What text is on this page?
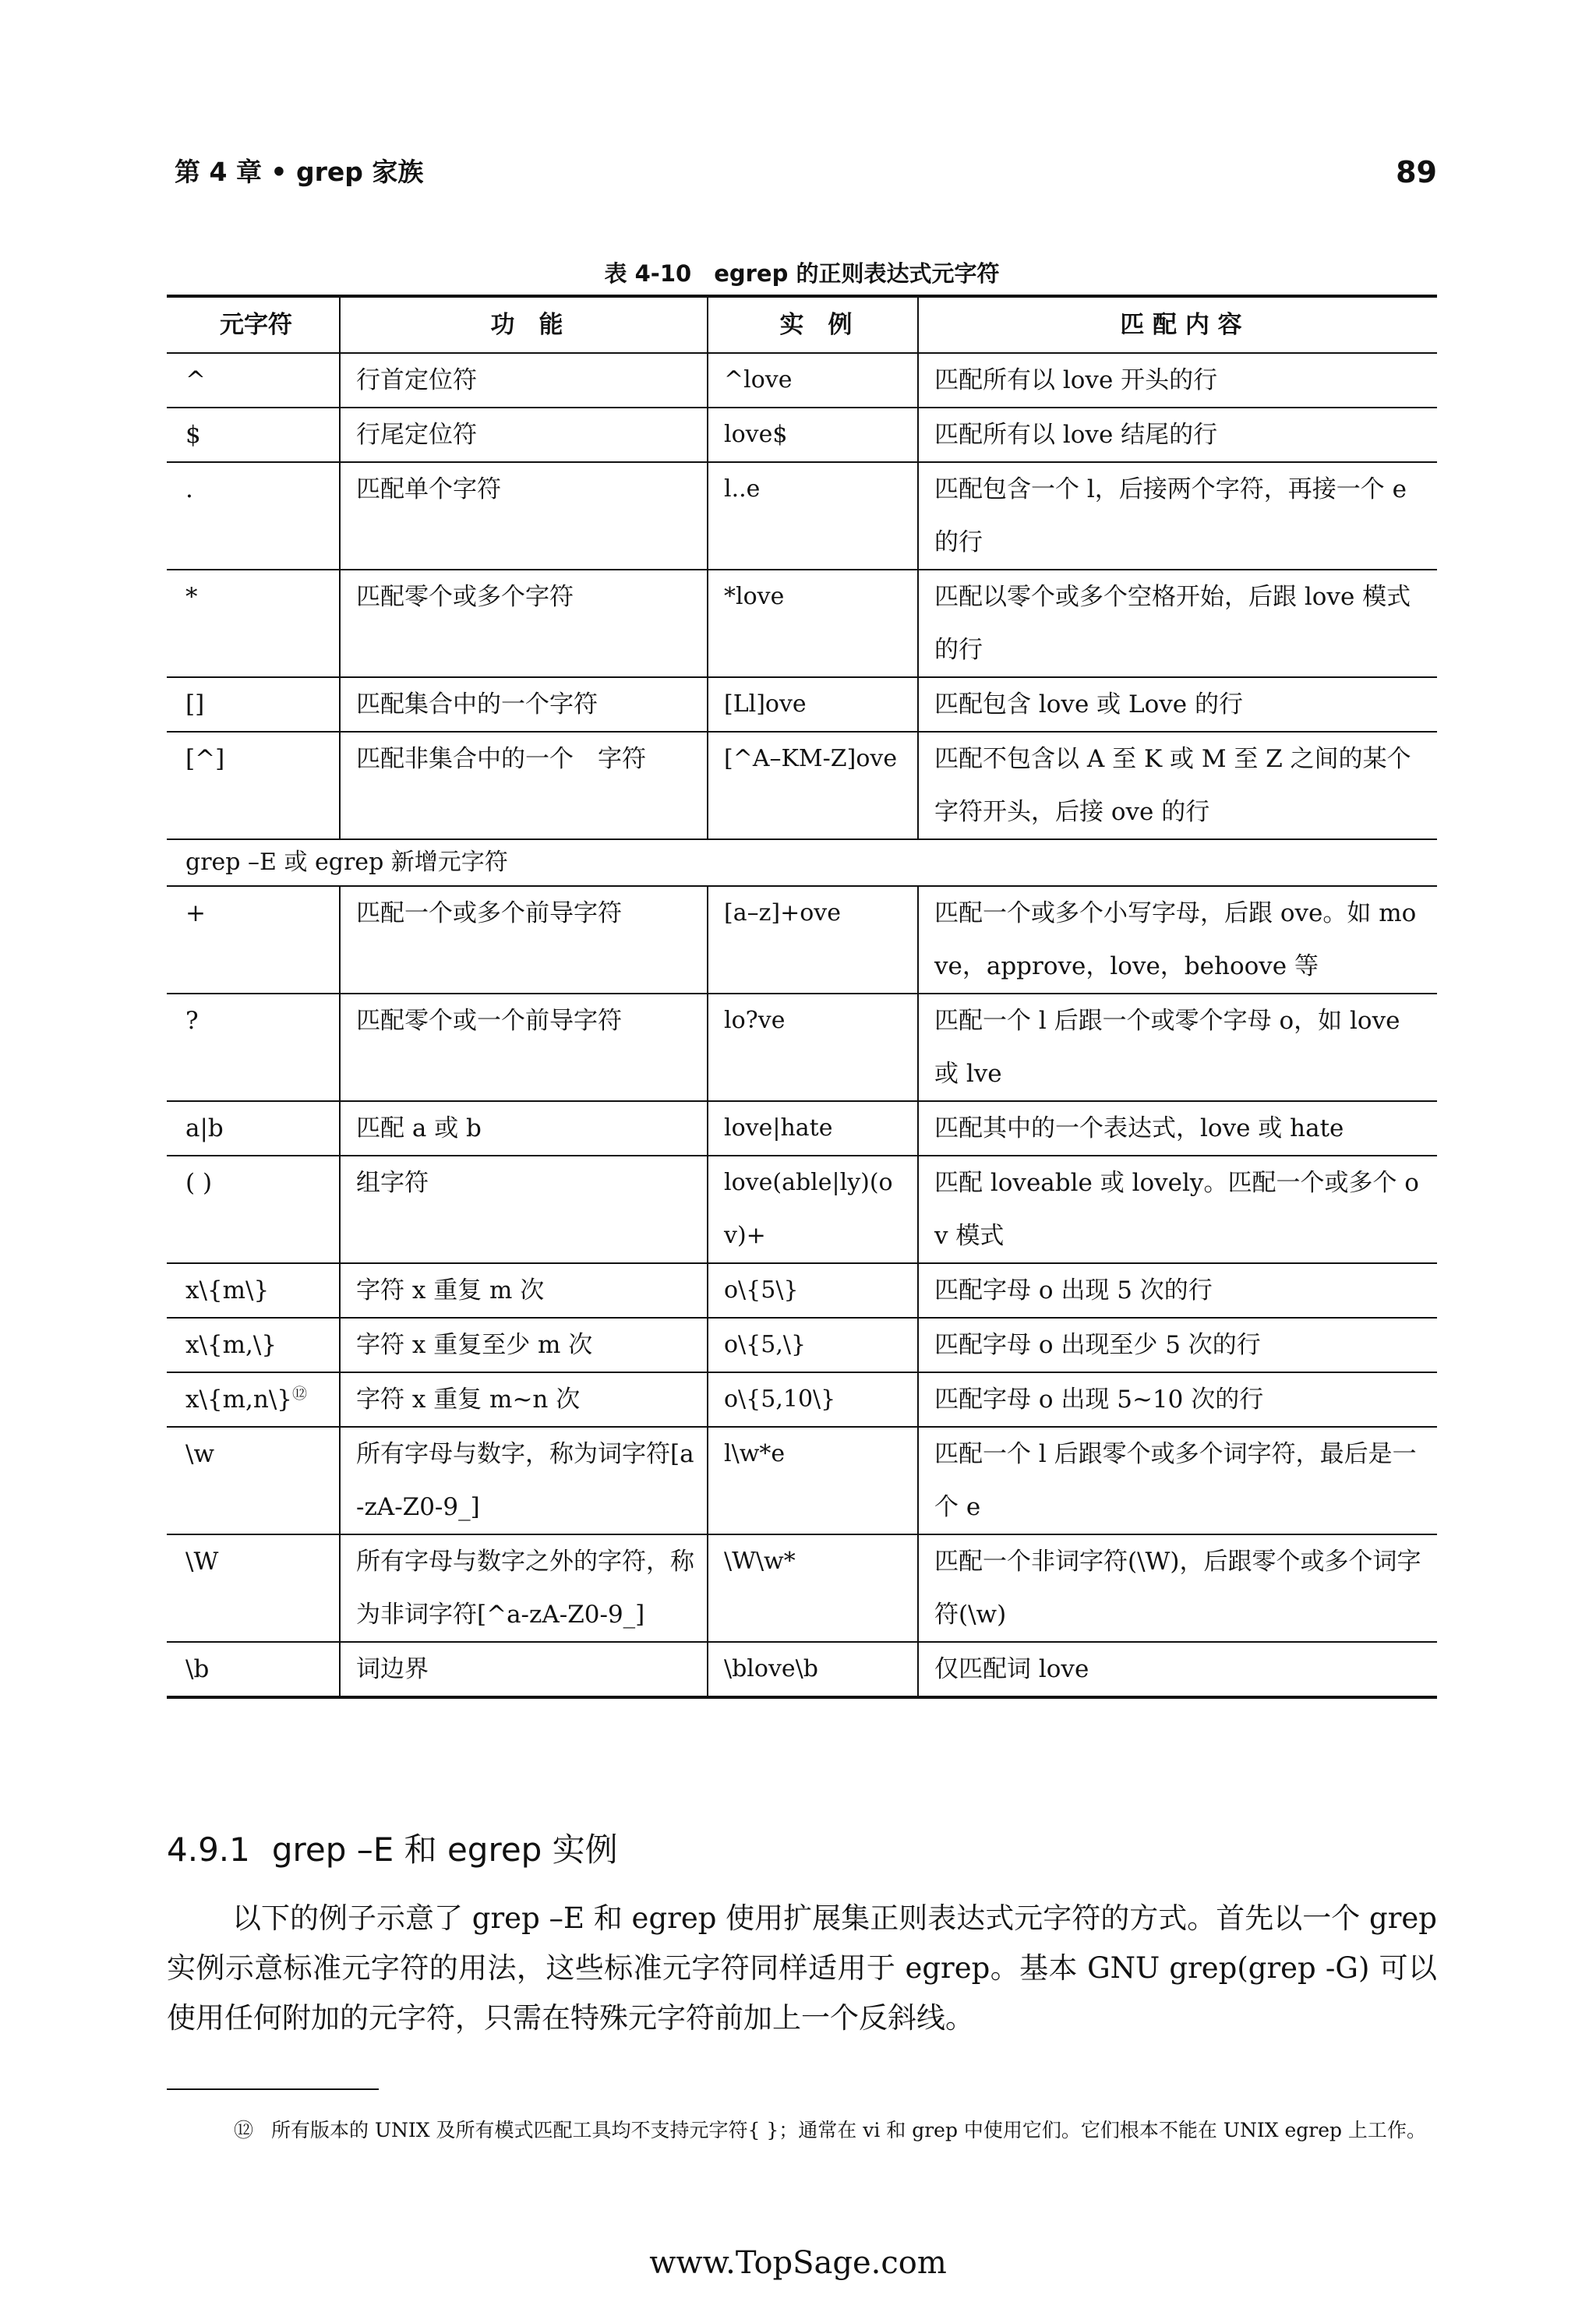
第 4 章 • grep 家族	89
表 4-10　egrep 的正则表达式元字符
元字符	功　能	实　例	匹 配 内 容
^	行首定位符	^love	匹配所有以 love 开头的行
$	行尾定位符	love$	匹配所有以 love 结尾的行
.	匹配单个字符	l..e	匹配包含一个 l，后接两个字符，再接一个 e 的行
*	匹配零个或多个字符	*love	匹配以零个或多个空格开始，后跟 love 模式的行
[]	匹配集合中的一个字符	[Ll]ove	匹配包含 love 或 Love 的行
[^]	匹配非集合中的一个　字符	[^A–KM-Z]ove	匹配不包含以 A 至 K 或 M 至 Z 之间的某个字符开头，后接 ove 的行
grep –E 或 egrep 新增元字符			
+	匹配一个或多个前导字符	[a–z]+ove	匹配一个或多个小写字母，后跟 ove。如 move，approve，love，behoove 等
?	匹配零个或一个前导字符	lo?ve	匹配一个 l 后跟一个或零个字母 o，如 love 或 lve
a|b	匹配 a 或 b	love|hate	匹配其中的一个表达式，love 或 hate
( )	组字符	love(able|ly)(ov)+	匹配 loveable 或 lovely。匹配一个或多个 ov 模式
x\{m\}	字符 x 重复 m 次	o\{5\}	匹配字母 o 出现 5 次的行
x\{m,\}	字符 x 重复至少 m 次	o\{5,\}	匹配字母 o 出现至少 5 次的行
x\{m,n\}⑫	字符 x 重复 m~n 次	o\{5,10\}	匹配字母 o 出现 5~10 次的行
\w	所有字母与数字，称为词字符[a-zA-Z0-9_]	l\w*e	匹配一个 l 后跟零个或多个词字符，最后是一个 e
\W	所有字母与数字之外的字符，称为非词字符[^a-zA-Z0-9_]	\W\w*	匹配一个非词字符(\W)，后跟零个或多个词字符(\w)
\b	词边界	\blove\b	仅匹配词 love
4.9.1 grep –E 和 egrep 实例

以下的例子示意了 grep –E 和 egrep 使用扩展集正则表达式元字符的方式。首先以一个 grep 实例示意标准元字符的用法，这些标准元字符同样适用于 egrep。基本 GNU grep(grep -G) 可以使用任何附加的元字符，只需在特殊元字符前加上一个反斜线。

⑫ 所有版本的 UNIX 及所有模式匹配工具均不支持元字符{ }；通常在 vi 和 grep 中使用它们。它们根本不能在 UNIX egrep 上工作。

www.TopSage.com
